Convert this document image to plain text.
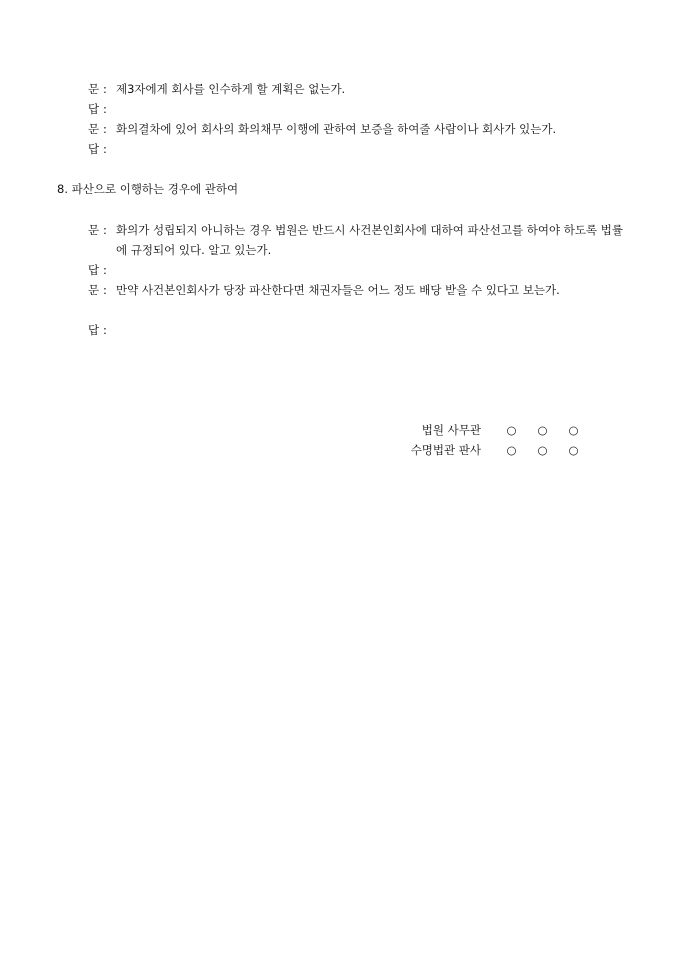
문 : 제3자에게 회사를 인수하게 할 계획은 없는가.
답 :
문 : 화의결차에 있어 회사의 화의채무 이행에 관하여 보증을 하여줄 사람이나 회사가 있는가.
답 :
8. 파산으로 이행하는 경우에 관하여
문 : 화의가 성립되지 아니하는 경우 법원은 반드시 사건본인회사에 대하여 파산선고를 하여야 하도록 법률에 규정되어 있다. 알고 있는가.
답 :
문 : 만약 사건본인회사가 당장 파산한다면 채권자들은 어느 정도 배당 받을 수 있다고 보는가.
답 :
법원 사무관 ○ ○ ○
수명법관 판사 ○ ○ ○
